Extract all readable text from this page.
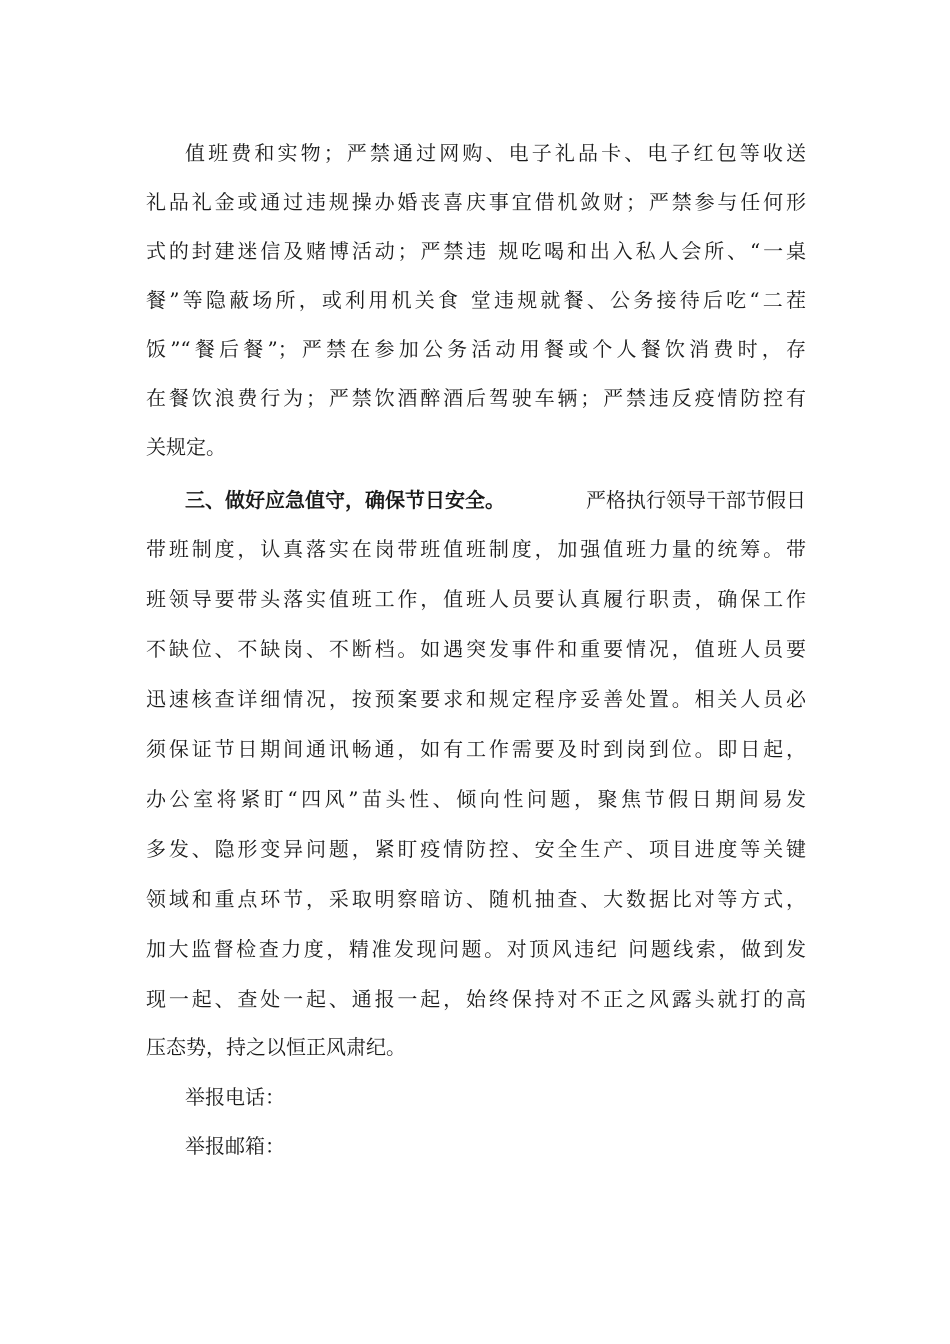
值班费和实物；严禁通过网购、电子礼品卡、电子红包等收送
礼品礼金或通过违规操办婚丧喜庆事宜借机敛财；严禁参与任何形
式的封建迷信及赌博活动；严禁违 规吃喝和出入私人会所、“一桌
餐”等隐蔽场所，或利用机关食 堂违规就餐、公务接待后吃“二茬
饭”“餐后餐”；严禁在参加公务活动用餐或个人餐饮消费时，存
在餐饮浪费行为；严禁饮酒醉酒后驾驶车辆；严禁违反疫情防控有
关规定。
三、做好应急值守，确保节日安全。	严格执行领导干部节假日
带班制度，认真落实在岗带班值班制度，加强值班力量的统筹。带
班领导要带头落实值班工作，值班人员要认真履行职责，确保工作
不缺位、不缺岗、不断档。如遇突发事件和重要情况，值班人员要
迅速核查详细情况，按预案要求和规定程序妥善处置。相关人员必
须保证节日期间通讯畅通，如有工作需要及时到岗到位。即日起，
办公室将紧盯“四风”苗头性、倾向性问题，聚焦节假日期间易发
多发、隐形变异问题，紧盯疫情防控、安全生产、项目进度等关键
领域和重点环节，采取明察暗访、随机抽查、大数据比对等方式，
加大监督检查力度，精准发现问题。对顶风违纪 问题线索，做到发
现一起、查处一起、通报一起，始终保持对不正之风露头就打的高
压态势，持之以恒正风肃纪。
举报电话：
举报邮箱：
